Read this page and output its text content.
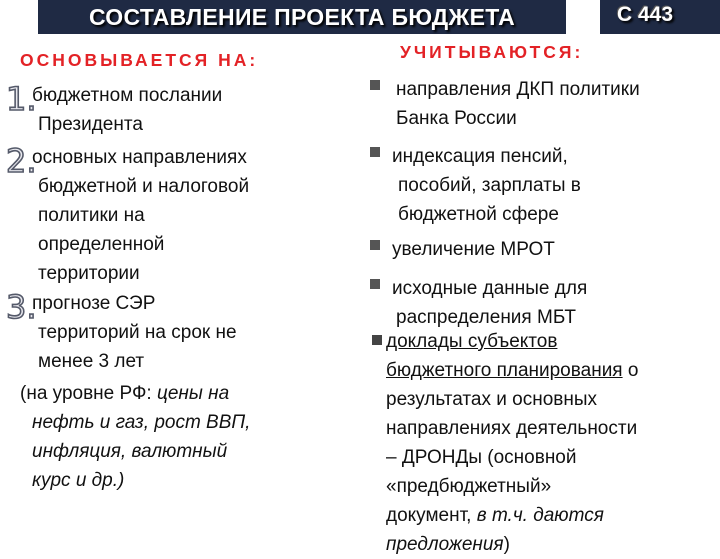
СОСТАВЛЕНИЕ ПРОЕКТА БЮДЖЕТА	С 443
ОСНОВЫВАЕТСЯ НА:
1.
бюджетном послании
Президента
2.
основных направлениях
бюджетной и налоговой
политики на
определенной
территории
3.
прогнозе СЭР
территорий на срок не
менее 3 лет
(на уровне РФ: цены на
нефть и газ, рост ВВП,
инфляция, валютный
курс и др.)
УЧИТЫВАЮТСЯ:
направления ДКП политики
Банка России
индексация пенсий,
пособий, зарплаты в
бюджетной сфере
увеличение МРОТ
исходные данные для
распределения МБТ
доклады субъектов
бюджетного планирования о
результатах и основных
направлениях деятельности
– ДРОНДы (основной
«предбюджетный»
документ, в т.ч. даются
предложения)
